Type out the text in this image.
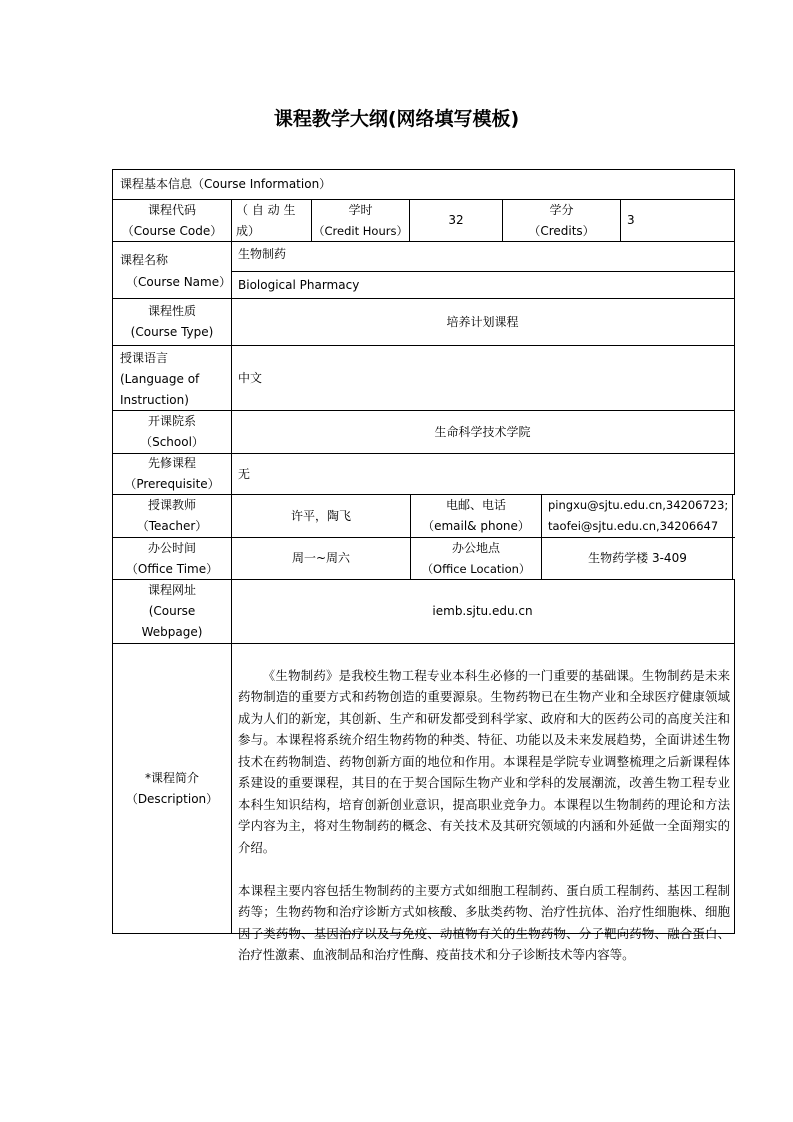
课程教学大纲(网络填写模板)
课程基本信息（Course Information）
课程代码
（Course Code）
（ 自 动 生
成）
学时
（Credit Hours）
32
学分
（Credits）
3
课程名称
（Course Name）
生物制药
Biological Pharmacy
课程性质
(Course Type)
培养计划课程
授课语言
(Language of
Instruction)
中文
开课院系
（School）
生命科学技术学院
先修课程
（Prerequisite）
无
授课教师
（Teacher）
许平，陶飞
电邮、电话
（email& phone）
pingxu@sjtu.edu.cn,34206723;
taofei@sjtu.edu.cn,34206647
办公时间
（Office Time）
周一~周六
办公地点
（Office Location）
生物药学楼 3-409
课程网址
(Course
Webpage)
iemb.sjtu.edu.cn
*课程简介
（Description）

《生物制药》是我校生物工程专业本科生必修的一门重要的基础课。生物制药是未来药物制造的重要方式和药物创造的重要源泉。生物药物已在生物产业和全球医疗健康领域成为人们的新宠，其创新、生产和研发都受到科学家、政府和大的医药公司的高度关注和参与。本课程将系统介绍生物药物的种类、特征、功能以及未来发展趋势，全面讲述生物技术在药物制造、药物创新方面的地位和作用。本课程是学院专业调整梳理之后新课程体系建设的重要课程，其目的在于契合国际生物产业和学科的发展潮流，改善生物工程专业本科生知识结构，培育创新创业意识，提高职业竞争力。本课程以生物制药的理论和方法学内容为主，将对生物制药的概念、有关技术及其研究领域的内涵和外延做一全面翔实的介绍。

本课程主要内容包括生物制药的主要方式如细胞工程制药、蛋白质工程制药、基因工程制药等；生物药物和治疗诊断方式如核酸、多肽类药物、治疗性抗体、治疗性细胞株、细胞因子类药物、基因治疗以及与免疫、动植物有关的生物药物、分子靶向药物、融合蛋白、治疗性激素、血液制品和治疗性酶、疫苗技术和分子诊断技术等内容等。
